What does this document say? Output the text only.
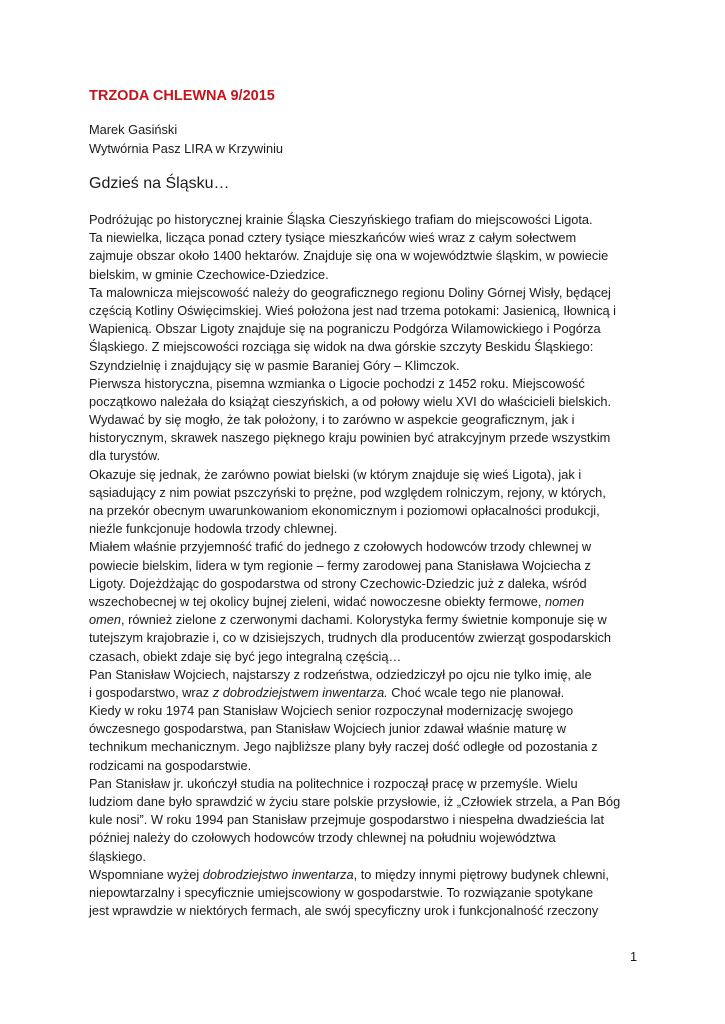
TRZODA CHLEWNA 9/2015
Marek Gasiński
Wytwórnia Pasz LIRA w Krzywiniu
Gdzieś na Śląsku…
Podróżując po historycznej krainie Śląska Cieszyńskiego trafiam do miejscowości Ligota.
Ta niewielka, licząca ponad cztery tysiące mieszkańców wieś wraz z całym sołectwem
zajmuje obszar około 1400 hektarów. Znajduje się ona w województwie śląskim, w powiecie
bielskim, w gminie Czechowice-Dziedzice.
Ta malownicza miejscowość należy do geograficznego regionu Doliny Górnej Wisły, będącej
częścią Kotliny Oświęcimskiej. Wieś położona jest nad trzema potokami: Jasienicą, Iłownicą i
Wapienicą. Obszar Ligoty znajduje się na pograniczu Podgórza Wilamowickiego i Pogórza
Śląskiego. Z miejscowości rozciąga się widok na dwa górskie szczyty Beskidu Śląskiego:
Szyndzielnię i znajdujący się w pasmie Baraniej Góry – Klimczok.
Pierwsza historyczna, pisemna wzmianka o Ligocie pochodzi z 1452 roku. Miejscowość
początkowo należała do książąt cieszyńskich, a od połowy wielu XVI do właścicieli bielskich.
Wydawać by się mogło, że tak położony, i to zarówno w aspekcie geograficznym, jak i
historycznym, skrawek naszego pięknego kraju powinien być atrakcyjnym przede wszystkim
dla turystów.
Okazuje się jednak, że zarówno powiat bielski (w którym znajduje się wieś Ligota), jak i
sąsiadujący z nim powiat pszczyński to prężne, pod względem rolniczym, rejony, w których,
na przekór obecnym uwarunkowaniom ekonomicznym i poziomowi opłacalności produkcji,
nieźle funkcjonuje hodowla trzody chlewnej.
Miałem właśnie przyjemność trafić do jednego z czołowych hodowców trzody chlewnej w
powiecie bielskim, lidera w tym regionie – fermy zarodowej pana Stanisława Wojciecha z
Ligoty. Dojeżdżając do gospodarstwa od strony Czechowic-Dziedzic już z daleka, wśród
wszechobecnej w tej okolicy bujnej zieleni, widać nowoczesne obiekty fermowe, nomen
omen, również zielone z czerwonymi dachami. Kolorystyka fermy świetnie komponuje się w
tutejszym krajobrazie i, co w dzisiejszych, trudnych dla producentów zwierząt gospodarskich
czasach, obiekt zdaje się być jego integralną częścią…
Pan Stanisław Wojciech, najstarszy z rodzeństwa, odziedziczył po ojcu nie tylko imię, ale
i gospodarstwo, wraz z dobrodziejstwem inwentarza. Choć wcale tego nie planował.
Kiedy w roku 1974 pan Stanisław Wojciech senior rozpoczynał modernizację swojego
ówczesnego gospodarstwa, pan Stanisław Wojciech junior zdawał właśnie maturę w
technikum mechanicznym. Jego najbliższe plany były raczej dość odległe od pozostania z
rodzicami na gospodarstwie.
Pan Stanisław jr. ukończył studia na politechnice i rozpoczął pracę w przemyśle. Wielu
ludziom dane było sprawdzić w życiu stare polskie przysłowie, iż „Człowiek strzela, a Pan Bóg
kule nosi”. W roku 1994 pan Stanisław przejmuje gospodarstwo i niespełna dwadzieścia lat
później należy do czołowych hodowców trzody chlewnej na południu województwa
śląskiego.
Wspomniane wyżej dobrodziejstwo inwentarza, to między innymi piętrowy budynek chlewni,
niepowtarzalny i specyficznie umiejscowiony w gospodarstwie. To rozwiązanie spotykane
jest wprawdzie w niektórych fermach, ale swój specyficzny urok i funkcjonalność rzeczony
1
